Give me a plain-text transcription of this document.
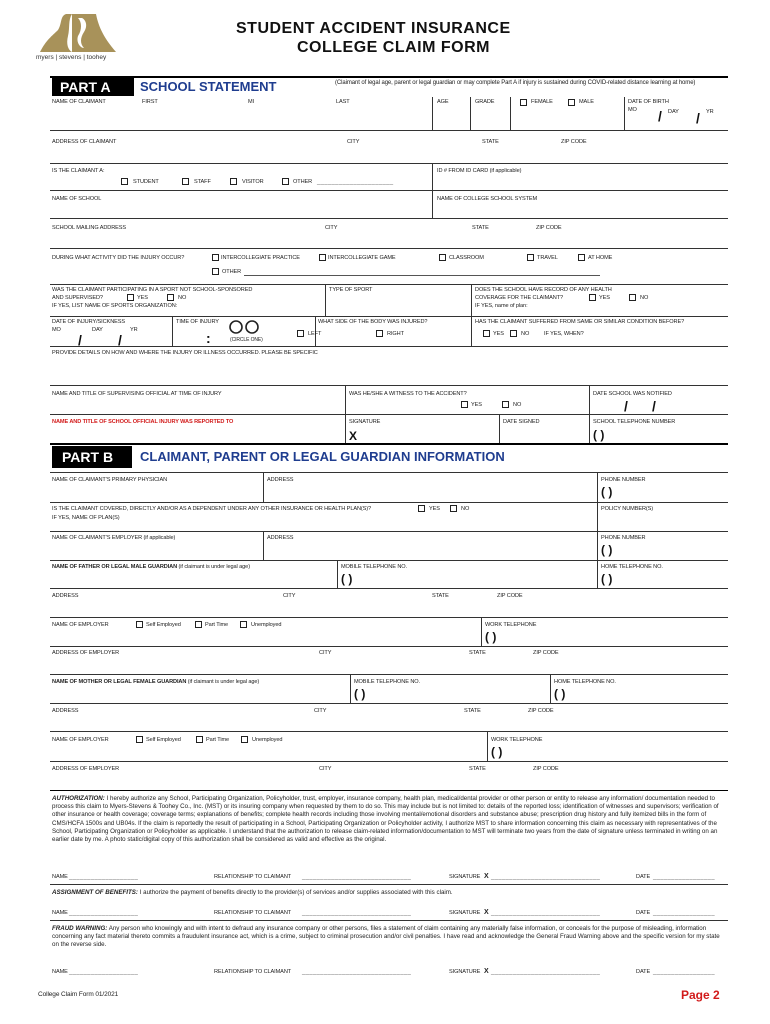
myers | stevens | toohey
STUDENT ACCIDENT INSURANCE
COLLEGE CLAIM FORM
PART A	SCHOOL STATEMENT	(Claimant of legal age, parent or legal guardian or may complete Part A if injury is sustained during COVID-related distance learning at home)
NAME OF CLAIMANT	FIRST	MI	LAST	AGE	GRADE	FEMALE	MALE	DATE OF BIRTH
MO / DAY / YR
ADDRESS OF CLAIMANT	CITY	STATE	ZIP CODE
IS THE CLAIMANT A:
STUDENT	STAFF	VISITOR	OTHER _____________________
ID # FROM ID CARD (if applicable)
NAME OF SCHOOL	NAME OF COLLEGE SCHOOL SYSTEM
SCHOOL MAILING ADDRESS	CITY	STATE	ZIP CODE
DURING WHAT ACTIVITY DID THE INJURY OCCUR?	INTERCOLLEGIATE PRACTICE	INTERCOLLEGIATE GAME	CLASSROOM	TRAVEL	AT HOME
OTHER
WAS THE CLAIMANT PARTICIPATING IN A SPORT NOT SCHOOL-SPONSORED
AND SUPERVISED?	YES	NO
IF YES, LIST NAME OF SPORTS ORGANIZATION:
TYPE OF SPORT	DOES THE SCHOOL HAVE RECORD OF ANY HEALTH
COVERAGE FOR THE CLAIMANT?	YES	NO
IF YES, name of plan:
DATE OF INJURY/SICKNESS
MO	DAY	YR
/	/
TIME OF INJURY
:	(CIRCLE ONE)
WHAT SIDE OF THE BODY WAS INJURED?
LEFT	RIGHT
HAS THE CLAIMANT SUFFERED FROM SAME OR SIMILAR CONDITION BEFORE?
YES	NO	IF YES, WHEN?
PROVIDE DETAILS ON HOW AND WHERE THE INJURY OR ILLNESS OCCURRED. PLEASE BE SPECIFIC
NAME AND TITLE OF SUPERVISING OFFICIAL AT TIME OF INJURY	WAS HE/SHE A WITNESS TO THE ACCIDENT?
YES	NO
DATE SCHOOL WAS NOTIFIED
/ /
NAME AND TITLE OF SCHOOL OFFICIAL INJURY WAS REPORTED TO	SIGNATURE
X
DATE SIGNED	SCHOOL TELEPHONE NUMBER
( )
PART B	CLAIMANT, PARENT OR LEGAL GUARDIAN INFORMATION
NAME OF CLAIMANT'S PRIMARY PHYSICIAN	ADDRESS	PHONE NUMBER
( )
IS THE CLAIMANT COVERED, DIRECTLY AND/OR AS A DEPENDENT UNDER ANY OTHER INSURANCE OR HEALTH PLAN(S)?	YES	NO
IF YES, NAME OF PLAN(S)
POLICY NUMBER(S)
NAME OF CLAIMANT'S EMPLOYER (if applicable)	ADDRESS	PHONE NUMBER
( )
NAME OF FATHER OR LEGAL MALE GUARDIAN (if claimant is under legal age)	MOBILE TELEPHONE NO.
( )
HOME TELEPHONE NO.
( )
ADDRESS	CITY	STATE	ZIP CODE
NAME OF EMPLOYER	Self Employed	Part Time	Unemployed	WORK TELEPHONE
( )
ADDRESS OF EMPLOYER	CITY	STATE	ZIP CODE
NAME OF MOTHER OR LEGAL FEMALE GUARDIAN (if claimant is under legal age)	MOBILE TELEPHONE NO.
( )
HOME TELEPHONE NO.
( )
ADDRESS	CITY	STATE	ZIP CODE
NAME OF EMPLOYER	Self Employed	Part Time	Unemployed	WORK TELEPHONE
( )
ADDRESS OF EMPLOYER	CITY	STATE	ZIP CODE
AUTHORIZATION: I hereby authorize any School, Participating Organization, Policyholder, trust, employer, insurance company, health plan, medical/dental provider or other person or entity to release any information/ documentation needed to process this claim to Myers-Stevens & Toohey Co., Inc. (MST) or its insuring company when requested by them to do so. This may include but is not limited to: details of the reported loss; identification of witnesses and supervisors; verification of other insurance or health coverage; coverage terms; explanations of benefits; complete health records including those involving mental/emotional disorders and substance abuse; prescription drug history and fully itemized bills in the form of CMS/HCFA 1500s and UB04s. If the claim is reportedly the result of participating in a School, Participating Organization or Policyholder activity, I authorize MST to share information concerning this claim as necessary with representatives of the School, Participating Organization or Policyholder as applicable. I understand that the authorization to release claim-related information/documentation to MST will terminate two years from the date of signature unless terminated in writing on an earlier date by me. A photo static/digital copy of this authorization shall be considered as valid and effective as the original.
NAME ___________________	RELATIONSHIP TO CLAIMANT ______________________________	SIGNATURE X ______________________________	DATE _________________
ASSIGNMENT OF BENEFITS: I authorize the payment of benefits directly to the provider(s) of services and/or supplies associated with this claim.
NAME ___________________	RELATIONSHIP TO CLAIMANT ______________________________	SIGNATURE X ______________________________	DATE _________________
FRAUD WARNING: Any person who knowingly and with intent to defraud any insurance company or other persons, files a statement of claim containing any materially false information, or conceals for the purpose of misleading, information concerning any fact material thereto commits a fraudulent insurance act, which is a crime, subject to criminal prosecution and/or civil penalties. I have read and acknowledge the General Fraud Warning above and the specific version for my state on the reverse side.
NAME ___________________	RELATIONSHIP TO CLAIMANT ______________________________	SIGNATURE X ______________________________	DATE _________________
College Claim Form 01/2021	Page 2
